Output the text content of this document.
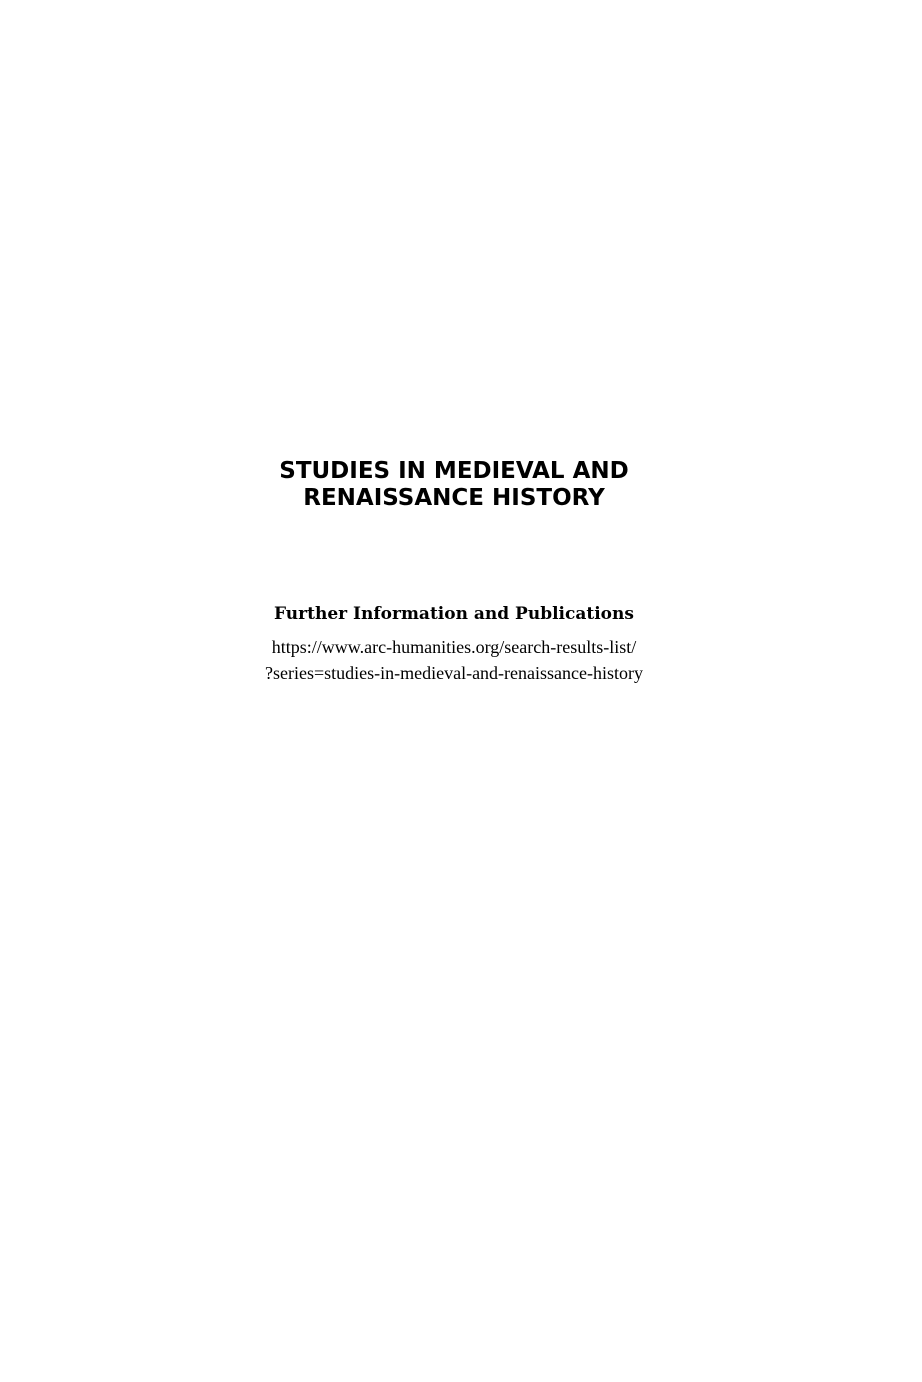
STUDIES IN MEDIEVAL AND
RENAISSANCE HISTORY
Further Information and Publications
https://www.arc-humanities.org/search-results-list/
?series=studies-in-medieval-and-renaissance-history
